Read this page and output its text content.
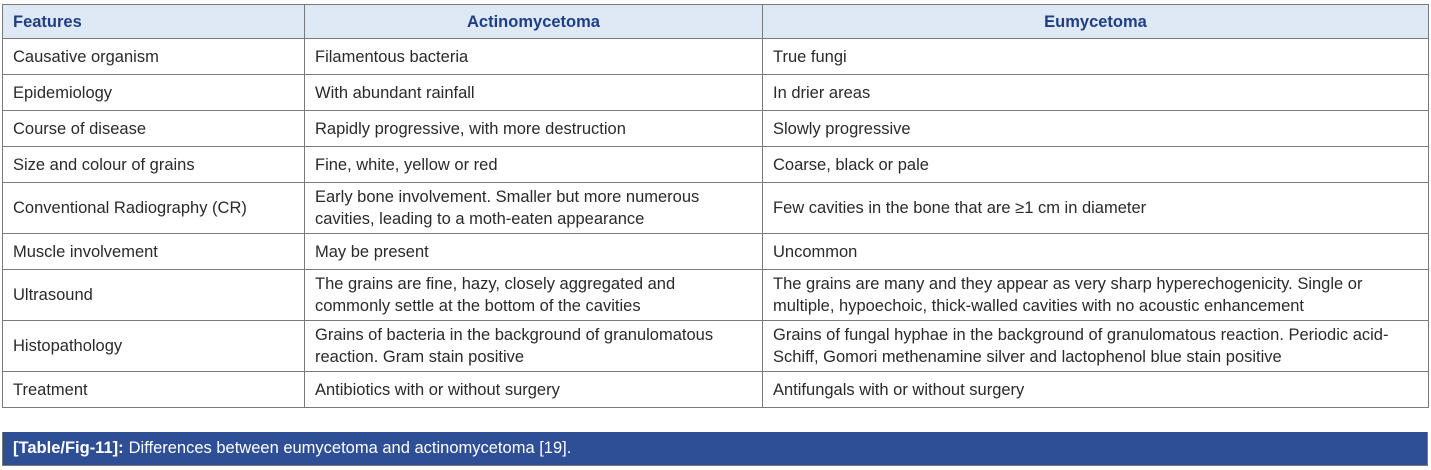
Features	Actinomycetoma	Eumycetoma
Causative organism	Filamentous bacteria	True fungi
Epidemiology	With abundant rainfall	In drier areas
Course of disease	Rapidly progressive, with more destruction	Slowly progressive
Size and colour of grains	Fine, white, yellow or red	Coarse, black or pale
Conventional Radiography (CR)	Early bone involvement. Smaller but more numerous cavities, leading to a moth-eaten appearance	Few cavities in the bone that are ≥1 cm in diameter
Muscle involvement	May be present	Uncommon
Ultrasound	The grains are fine, hazy, closely aggregated and commonly settle at the bottom of the cavities	The grains are many and they appear as very sharp hyperechogenicity. Single or multiple, hypoechoic, thick-walled cavities with no acoustic enhancement
Histopathology	Grains of bacteria in the background of granulomatous reaction. Gram stain positive	Grains of fungal hyphae in the background of granulomatous reaction. Periodic acid-Schiff, Gomori methenamine silver and lactophenol blue stain positive
Treatment	Antibiotics with or without surgery	Antifungals with or without surgery
[Table/Fig-11]: Differences between eumycetoma and actinomycetoma [19].
